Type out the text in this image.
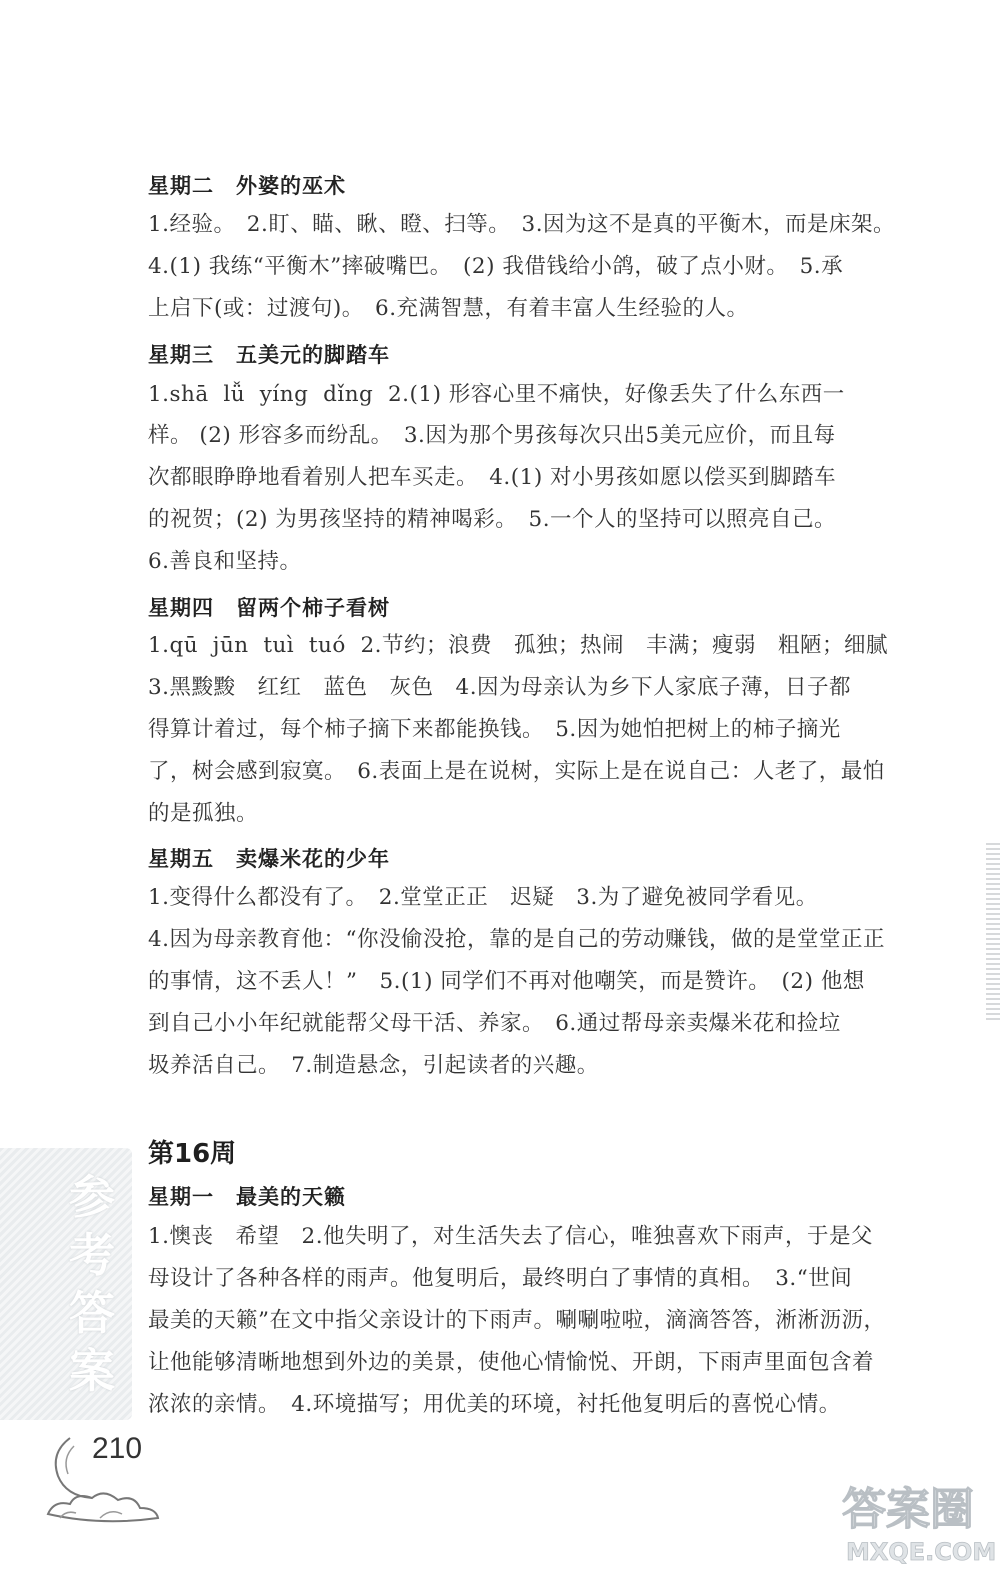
星期二　外婆的巫术
1.经验。　2.盯、瞄、瞅、瞪、扫等。　3.因为这不是真的平衡木，而是床架。
4.(1) 我练“平衡木”摔破嘴巴。　(2) 我借钱给小鸽，破了点小财。　5.承
上启下(或：过渡句)。　6.充满智慧，有着丰富人生经验的人。
星期三　五美元的脚踏车
1.shā  lǚ  yíng  dǐng  2.(1) 形容心里不痛快，好像丢失了什么东西一
样。 (2) 形容多而纷乱。　3.因为那个男孩每次只出5美元应价，而且每
次都眼睁睁地看着别人把车买走。　4.(1) 对小男孩如愿以偿买到脚踏车
的祝贺；(2) 为男孩坚持的精神喝彩。　5.一个人的坚持可以照亮自己。
6.善良和坚持。
星期四　留两个柿子看树
1.qū  jūn  tuì  tuó  2.节约；浪费　孤独；热闹　丰满；瘦弱　粗陋；细腻
3.黑黢黢　红红　蓝色　灰色　4.因为母亲认为乡下人家底子薄，日子都
得算计着过，每个柿子摘下来都能换钱。　5.因为她怕把树上的柿子摘光
了，树会感到寂寞。　6.表面上是在说树，实际上是在说自己：人老了，最怕
的是孤独。
星期五　卖爆米花的少年
1.变得什么都没有了。　2.堂堂正正　迟疑　3.为了避免被同学看见。
4.因为母亲教育他：“你没偷没抢，靠的是自己的劳动赚钱，做的是堂堂正正
的事情，这不丢人！”　5.(1) 同学们不再对他嘲笑，而是赞许。　(2) 他想
到自己小小年纪就能帮父母干活、养家。　6.通过帮母亲卖爆米花和捡垃
圾养活自己。　7.制造悬念，引起读者的兴趣。
第16周
星期一　最美的天籁
1.懊丧　希望　2.他失明了，对生活失去了信心，唯独喜欢下雨声，于是父
母设计了各种各样的雨声。他复明后，最终明白了事情的真相。　3.“世间
最美的天籁”在文中指父亲设计的下雨声。唰唰啦啦，滴滴答答，淅淅沥沥，
让他能够清晰地想到外边的美景，使他心情愉悦、开朗，下雨声里面包含着
浓浓的亲情。　4.环境描写；用优美的环境，衬托他复明后的喜悦心情。
参
考
答
案
210
答案圈
MXQE.COM
